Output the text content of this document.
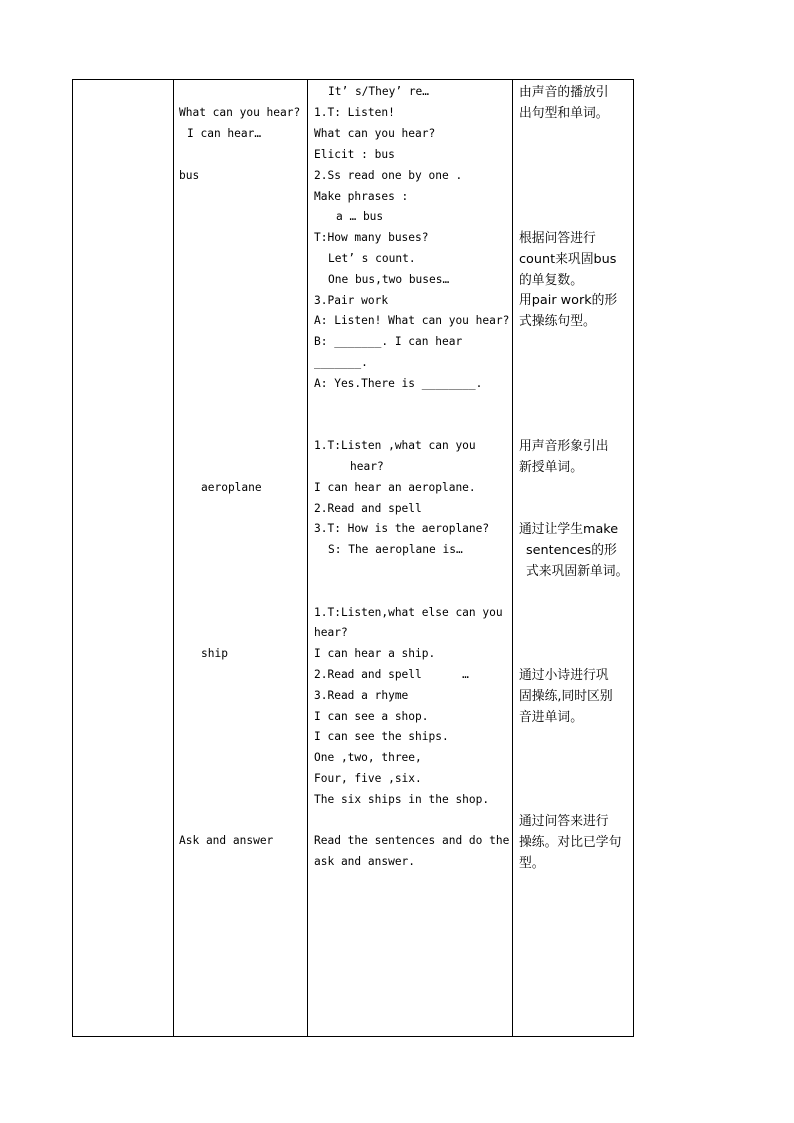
What can you hear?
I can hear…
bus
aeroplane
ship
Ask and answer
It’ s/They’ re…
1.T: Listen!
What can you hear?
Elicit : bus
2.Ss read one by one .
Make phrases :
a … bus
T:How many buses?
Let’ s count.
One bus,two buses…
3.Pair work
A: Listen! What can you hear?
B: _______. I can hear
_______.
A: Yes.There is ________.
1.T:Listen ,what can you
hear?
I can hear an aeroplane.
2.Read and spell
3.T: How is the aeroplane?
S: The aeroplane is…
1.T:Listen,what else can you
hear?
I can hear a ship.
2.Read and spell      …
3.Read a rhyme
I can see a shop.
I can see the ships.
One ,two, three,
Four, five ,six.
The six ships in the shop.
Read the sentences and do the
ask and answer.
由声音的播放引
出句型和单词。
根据问答进行
count来巩固bus
的单复数。
用pair work的形
式操练句型。
用声音形象引出
新授单词。
通过让学生make
sentences的形
式来巩固新单词。
通过小诗进行巩
固操练,同时区别
音进单词。
通过问答来进行
操练。对比已学句
型。
